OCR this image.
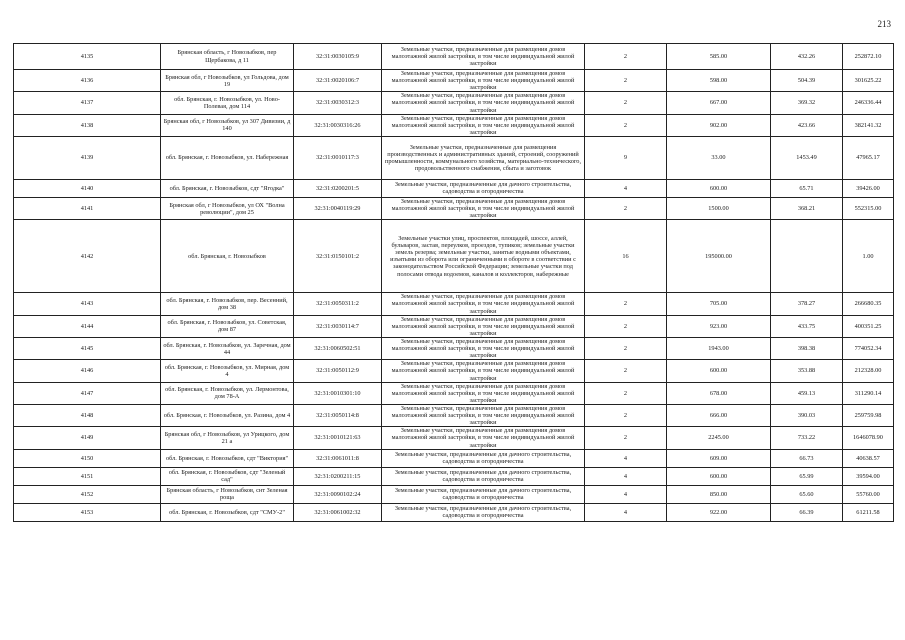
213
4135	Брянская область, г Новозыбков, пер Щербакова, д 11	32:31:0030105:9	Земельные участки, предназначенные для размещения домов малоэтажной жилой застройки, в том числе индивидуальной жилой застройки	2	585.00	432.26	252872.10
4136	Брянская обл, г Новозыбков, ул Гольдова, дом 19	32:31:0020106:7	Земельные участки, предназначенные для размещения домов малоэтажной жилой застройки, в том числе индивидуальной жилой застройки	2	598.00	504.39	301625.22
4137	обл. Брянская, г. Новозыбков, ул. Ново-Полевая, дом 114	32:31:0030312:3	Земельные участки, предназначенные для размещения домов малоэтажной жилой застройки, в том числе индивидуальной жилой застройки	2	667.00	369.32	246336.44
4138	Брянская обл, г Новозыбков, ул 307 Дивизии, д 140	32:31:0030316:26	Земельные участки, предназначенные для размещения домов малоэтажной жилой застройки, в том числе индивидуальной жилой застройки	2	902.00	423.66	382141.32
4139	обл. Брянская, г. Новозыбков, ул. Набережная	32:31:0010117:3	Земельные участки, предназначенные для размещения производственных и административных зданий, строений, сооружений промышленности, коммунального хозяйства, материально-технического, продовольственного снабжения, сбыта и заготовок	9	33.00	1453.49	47965.17
4140	обл. Брянская, г. Новозыбков, сдт "Ягодка"	32:31:0200201:5	Земельные участки, предназначенные для дачного строительства, садоводства и огородничества	4	600.00	65.71	39426.00
4141	Брянская обл, г Новозыбков, ул ОХ "Волна революции", дом 25	32:31:0040119:29	Земельные участки, предназначенные для размещения домов малоэтажной жилой застройки, в том числе индивидуальной жилой застройки	2	1500.00	368.21	552315.00
4142	обл. Брянская, г. Новозыбков	32:31:0150101:2	Земельные участки улиц, проспектов, площадей, шоссе, аллей, бульваров, застав, переулков, проездов, тупиков; земельные участки земель резерва; земельные участки, занятые водными объектами, изъятыми из оборота или ограниченными в обороте в соответствии с законодательством Российской Федерации; земельные участки под полосами отвода водоемов, каналов и коллекторов, набережные	16	195000.00		1.00
4143	обл. Брянская, г. Новозыбков, пер. Весенний, дом 38	32:31:0050311:2	Земельные участки, предназначенные для размещения домов малоэтажной жилой застройки, в том числе индивидуальной жилой застройки	2	705.00	378.27	266680.35
4144	обл. Брянская, г. Новозыбков, ул. Советская, дом 87	32:31:0030114:7	Земельные участки, предназначенные для размещения домов малоэтажной жилой застройки, в том числе индивидуальной жилой застройки	2	923.00	433.75	400351.25
4145	обл. Брянская, г. Новозыбков, ул. Заречная, дом 44	32:31:0060502:51	Земельные участки, предназначенные для размещения домов малоэтажной жилой застройки, в том числе индивидуальной жилой застройки	2	1943.00	398.38	774052.34
4146	обл. Брянская, г. Новозыбков, ул. Мирная, дом 4	32:31:0050112:9	Земельные участки, предназначенные для размещения домов малоэтажной жилой застройки, в том числе индивидуальной жилой застройки	2	600.00	353.88	212328.00
4147	обл. Брянская, г. Новозыбков, ул. Лермонтова, дом 78-А	32:31:0010301:10	Земельные участки, предназначенные для размещения домов малоэтажной жилой застройки, в том числе индивидуальной жилой застройки	2	678.00	459.13	311290.14
4148	обл. Брянская, г. Новозыбков, ул. Разина, дом 4	32:31:0050114:8	Земельные участки, предназначенные для размещения домов малоэтажной жилой застройки, в том числе индивидуальной жилой застройки	2	666.00	390.03	259759.98
4149	Брянская обл, г Новозыбков, ул Урицкого, дом 21 а	32:31:0010121:63	Земельные участки, предназначенные для размещения домов малоэтажной жилой застройки, в том числе индивидуальной жилой застройки	2	2245.00	733.22	1646078.90
4150	обл. Брянская, г. Новозыбков, сдт "Виктория"	32:31:0061011:8	Земельные участки, предназначенные для дачного строительства, садоводства и огородничества	4	609.00	66.73	40638.57
4151	обл. Брянская, г. Новозыбков, сдт "Зеленый сад"	32:31:0200211:15	Земельные участки, предназначенные для дачного строительства, садоводства и огородничества	4	600.00	65.99	39594.00
4152	Брянская область, г Новозыбков, снт Зеленая роща	32:31:0090102:24	Земельные участки, предназначенные для дачного строительства, садоводства и огородничества	4	850.00	65.60	55760.00
4153	обл. Брянская, г. Новозыбков, сдт "СМУ-2"	32:31:0061002:32	Земельные участки, предназначенные для дачного строительства, садоводства и огородничества	4	922.00	66.39	61211.58
